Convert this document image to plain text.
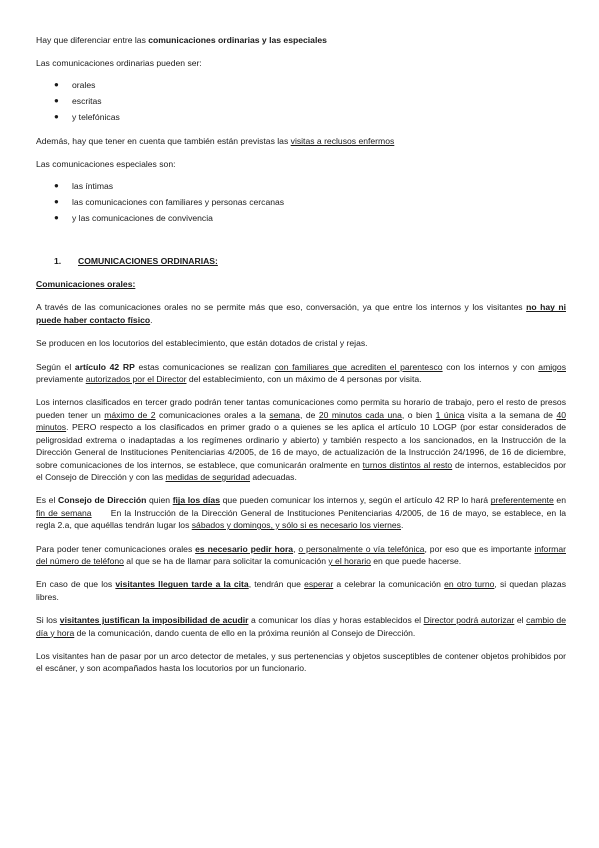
Hay que diferenciar entre las comunicaciones ordinarias y las especiales

Las comunicaciones ordinarias pueden ser:

● orales
● escritas
● y telefónicas

Además, hay que tener en cuenta que también están previstas las visitas a reclusos enfermos

Las comunicaciones especiales son:

● las íntimas
● las comunicaciones con familiares y personas cercanas
● y las comunicaciones de convivencia

1. COMUNICACIONES ORDINARIAS:

Comunicaciones orales:

A través de las comunicaciones orales no se permite más que eso, conversación, ya que entre los internos y los visitantes no hay ni puede haber contacto físico.

Se producen en los locutorios del establecimiento, que están dotados de cristal y rejas.

Según el artículo 42 RP estas comunicaciones se realizan con familiares que acrediten el parentesco con los internos y con amigos previamente autorizados por el Director del establecimiento, con un máximo de 4 personas por visita.

Los internos clasificados en tercer grado podrán tener tantas comunicaciones como permita su horario de trabajo, pero el resto de presos pueden tener un máximo de 2 comunicaciones orales a la semana, de 20 minutos cada una, o bien 1 única visita a la semana de 40 minutos. PERO respecto a los clasificados en primer grado o a quienes se les aplica el artículo 10 LOGP (por estar considerados de peligrosidad extrema o inadaptadas a los regímenes ordinario y abierto) y también respecto a los sancionados, en la Instrucción de la Dirección General de Instituciones Penitenciarias 4/2005, de 16 de mayo, de actualización de la Instrucción 24/1996, de 16 de diciembre, sobre comunicaciones de los internos, se establece, que comunicarán oralmente en turnos distintos al resto de internos, establecidos por el Consejo de Dirección y con las medidas de seguridad adecuadas.

Es el Consejo de Dirección quien fija los días que pueden comunicar los internos y, según el artículo 42 RP lo hará preferentemente en fin de semana      En la Instrucción de la Dirección General de Instituciones Penitenciarias 4/2005, de 16 de mayo, se establece, en la regla 2.a, que aquéllas tendrán lugar los sábados y domingos, y sólo si es necesario los viernes.

Para poder tener comunicaciones orales es necesario pedir hora, o personalmente o vía telefónica, por eso que es importante informar del número de teléfono al que se ha de llamar para solicitar la comunicación y el horario en que puede hacerse.

En caso de que los visitantes lleguen tarde a la cita, tendrán que esperar a celebrar la comunicación en otro turno, si quedan plazas libres.

Si los visitantes justifican la imposibilidad de acudir a comunicar los días y horas establecidos el Director podrá autorizar el cambio de día y hora de la comunicación, dando cuenta de ello en la próxima reunión al Consejo de Dirección.

Los visitantes han de pasar por un arco detector de metales, y sus pertenencias y objetos susceptibles de contener objetos prohibidos por el escáner, y son acompañados hasta los locutorios por un funcionario.
